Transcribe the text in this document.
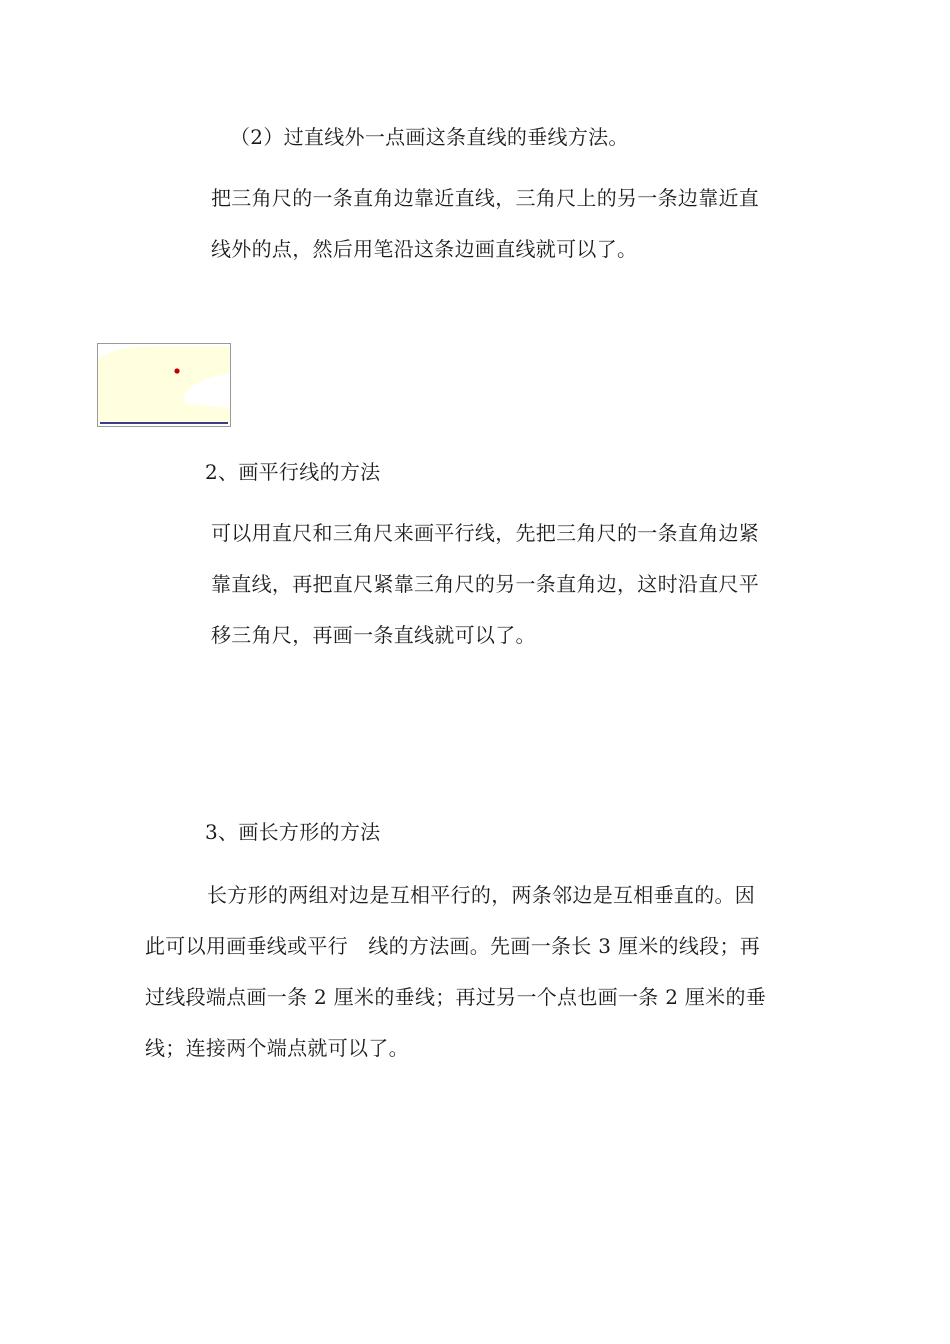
（2）过直线外一点画这条直线的垂线方法。
把三角尺的一条直角边靠近直线，三角尺上的另一条边靠近直
线外的点，然后用笔沿这条边画直线就可以了。
2、画平行线的方法
可以用直尺和三角尺来画平行线，先把三角尺的一条直角边紧
靠直线，再把直尺紧靠三角尺的另一条直角边，这时沿直尺平
移三角尺，再画一条直线就可以了。
3、画长方形的方法
长方形的两组对边是互相平行的，两条邻边是互相垂直的。因
此可以用画垂线或平行　线的方法画。先画一条长 3 厘米的线段；再
过线段端点画一条 2 厘米的垂线；再过另一个点也画一条 2 厘米的垂
线；连接两个端点就可以了。
